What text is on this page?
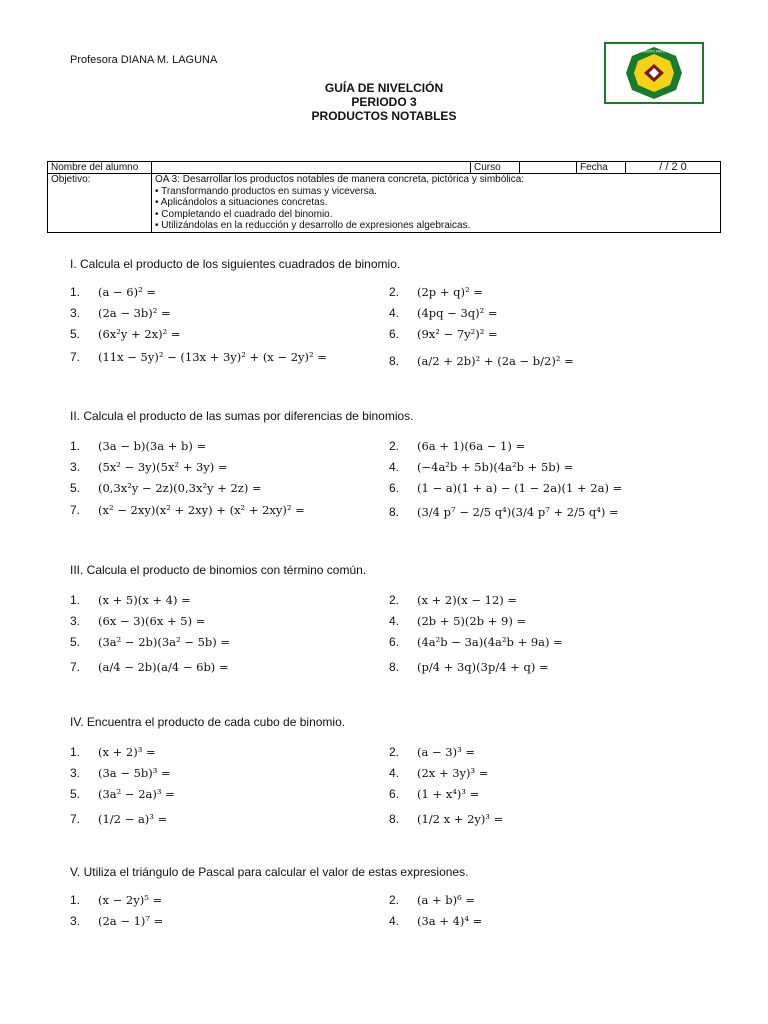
Profesora DIANA M. LAGUNA
GUÍA DE NIVELCIÓN
PERIODO 3
PRODUCTOS NOTABLES
DEPARTAMENTO MATEMÁTICAS
Nombre del alumno		Curso		Fecha	/ / 2 0
Objetivo:	OA 3: Desarrollar los productos notables de manera concreta, pictórica y simbólica:
• Transformando productos en sumas y viceversa.
• Aplicándolos a situaciones concretas.
• Completando el cuadrado del binomio.
• Utilizándolas en la reducción y desarrollo de expresiones algebraicas.				
I. Calcula el producto de los siguientes cuadrados de binomio.
1. (a − 6)² =	2. (2p + q)² =
3. (2a − 3b)² =	4. (4pq − 3q)² =
5. (6x²y + 2x)² =	6. (9x² − 7y²)² =
7. (11x − 5y)² − (13x + 3y)² + (x − 2y)² =	8. (a/2 + 2b)² + (2a − b/2)² =
II. Calcula el producto de las sumas por diferencias de binomios.
1. (3a − b)(3a + b) =	2. (6a + 1)(6a − 1) =
3. (5x² − 3y)(5x² + 3y) =	4. (−4a²b + 5b)(4a²b + 5b) =
5. (0,3x²y − 2z)(0,3x²y + 2z) =	6. (1 − a)(1 + a) − (1 − 2a)(1 + 2a) =
7. (x² − 2xy)(x² + 2xy) + (x² + 2xy)² =	8. (3/4 p⁷ − 2/5 q⁴)(3/4 p⁷ + 2/5 q⁴) =
III. Calcula el producto de binomios con término común.
1. (x + 5)(x + 4) =	2. (x + 2)(x − 12) =
3. (6x − 3)(6x + 5) =	4. (2b + 5)(2b + 9) =
5. (3a² − 2b)(3a² − 5b) =	6. (4a²b − 3a)(4a²b + 9a) =
7. (a/4 − 2b)(a/4 − 6b) =	8. (p/4 + 3q)(3p/4 + q) =
IV. Encuentra el producto de cada cubo de binomio.
1. (x + 2)³ =	2. (a − 3)³ =
3. (3a − 5b)³ =	4. (2x + 3y)³ =
5. (3a² − 2a)³ =	6. (1 + x⁴)³ =
7. (1/2 − a)³ =	8. (1/2 x + 2y)³ =
V. Utiliza el triángulo de Pascal para calcular el valor de estas expresiones.
1. (x − 2y)⁵ =	2. (a + b)⁶ =
3. (2a − 1)⁷ =	4. (3a + 4)⁴ =
